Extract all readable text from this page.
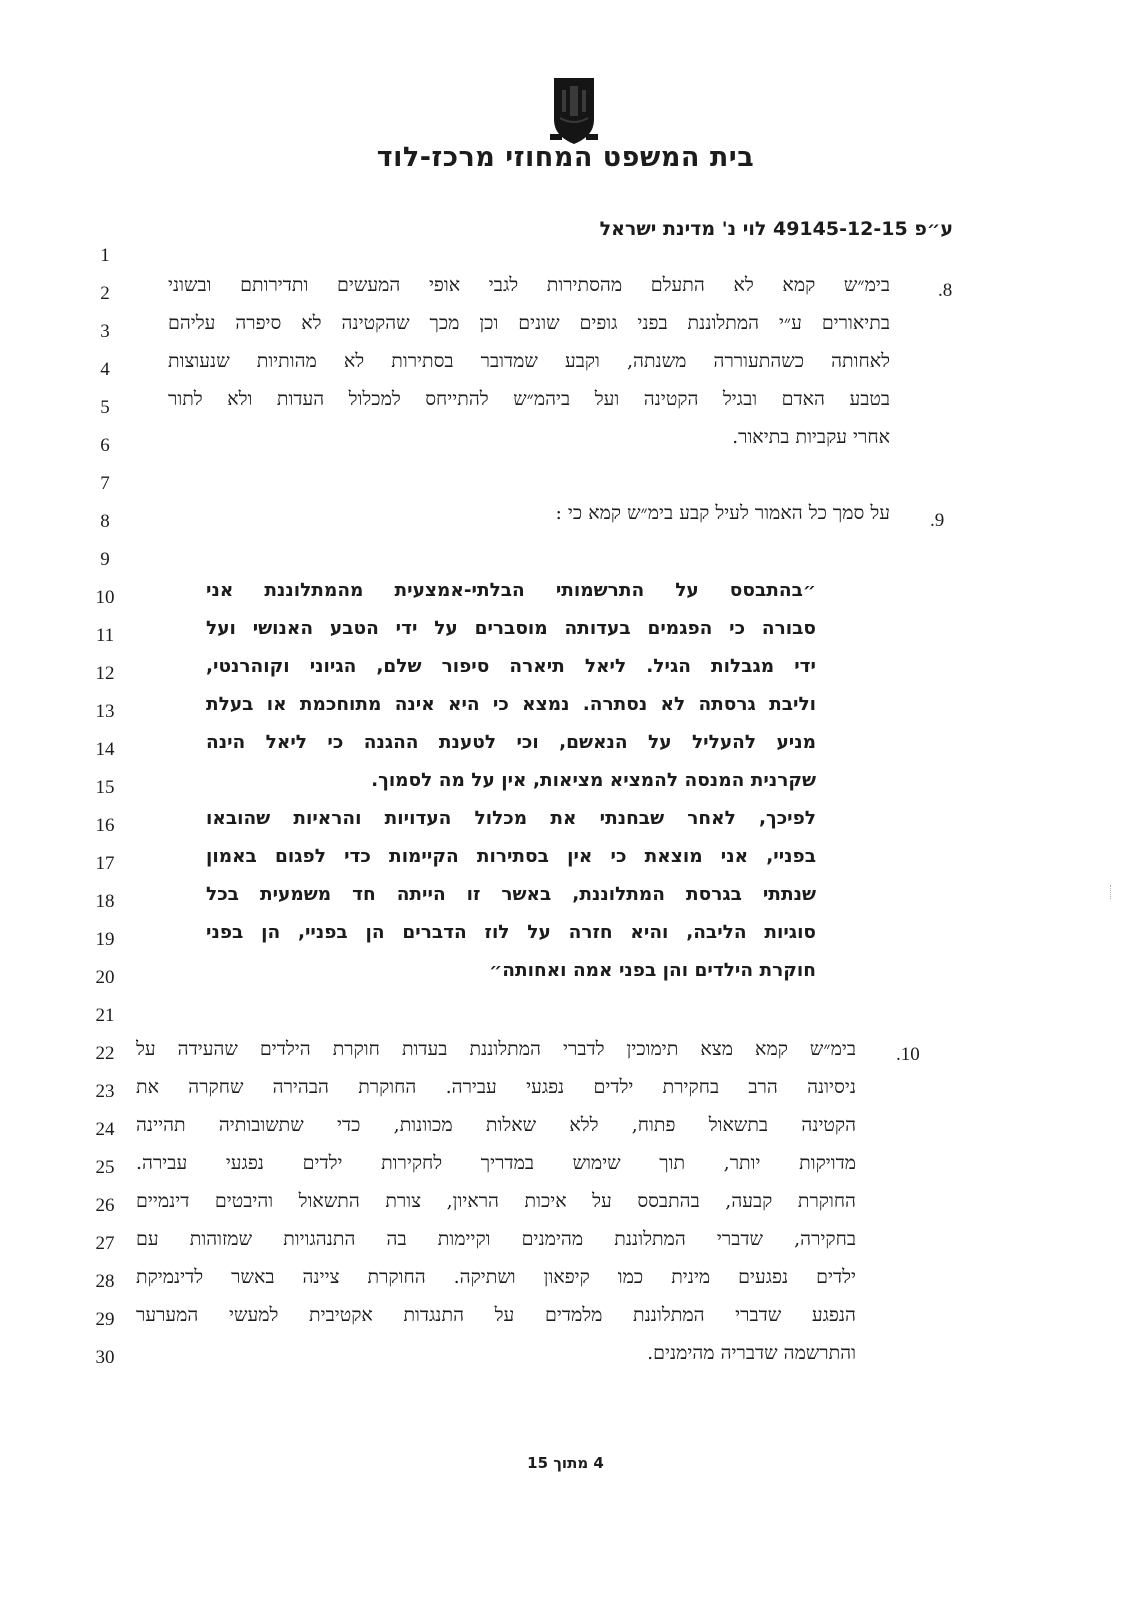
בית המשפט המחוזי מרכז-לוד
ע״פ 49145-12-15 לוי נ' מדינת ישראל
1
2
3
4
5
6
7
8
9
10
11
12
13
14
15
16
17
18
19
20
21
22
23
24
25
26
27
28
29
30
.8
בימ״ש קמא לא התעלם מהסתירות לגבי אופי המעשים ותדירותם ובשוני
בתיאורים ע״י המתלוננת בפני גופים שונים וכן מכך שהקטינה לא סיפרה עליהם
לאחותה כשהתעוררה משנתה, וקבע שמדובר בסתירות לא מהותיות שנעוצות
בטבע האדם ובגיל הקטינה ועל ביהמ״ש להתייחס למכלול העדות ולא לתור
אחרי עקביות בתיאור.
.9
על סמך כל האמור לעיל קבע בימ״ש קמא כי :
״בהתבסס על התרשמותי הבלתי-אמצעית מהמתלוננת אני
סבורה כי הפגמים בעדותה מוסברים על ידי הטבע האנושי ועל
ידי מגבלות הגיל. ליאל תיארה סיפור שלם, הגיוני וקוהרנטי,
וליבת גרסתה לא נסתרה. נמצא כי היא אינה מתוחכמת או בעלת
מניע להעליל על הנאשם, וכי לטענת ההגנה כי ליאל הינה
שקרנית המנסה להמציא מציאות, אין על מה לסמוך.
לפיכך, לאחר שבחנתי את מכלול העדויות והראיות שהובאו
בפניי, אני מוצאת כי אין בסתירות הקיימות כדי לפגום באמון
שנתתי בגרסת המתלוננת, באשר זו הייתה חד משמעית בכל
סוגיות הליבה, והיא חזרה על לוז הדברים הן בפניי, הן בפני
חוקרת הילדים והן בפני אמה ואחותה״
.10
בימ״ש קמא מצא תימוכין לדברי המתלוננת בעדות חוקרת הילדים שהעידה על
ניסיונה הרב בחקירת ילדים נפגעי עבירה. החוקרת הבהירה שחקרה את
הקטינה בתשאול פתוח, ללא שאלות מכוונות, כדי שתשובותיה תהיינה
מדויקות יותר, תוך שימוש במדריך לחקירות ילדים נפגעי עבירה.
החוקרת קבעה, בהתבסס על איכות הראיון, צורת התשאול והיבטים דינמיים
בחקירה, שדברי המתלוננת מהימנים וקיימות בה התנהגויות שמזוהות עם
ילדים נפגעים מינית כמו קיפאון ושתיקה. החוקרת ציינה באשר לדינמיקת
הנפגע שדברי המתלוננת מלמדים על התנגדות אקטיבית למעשי המערער
והתרשמה שדבריה מהימנים.
4 מתוך 15
